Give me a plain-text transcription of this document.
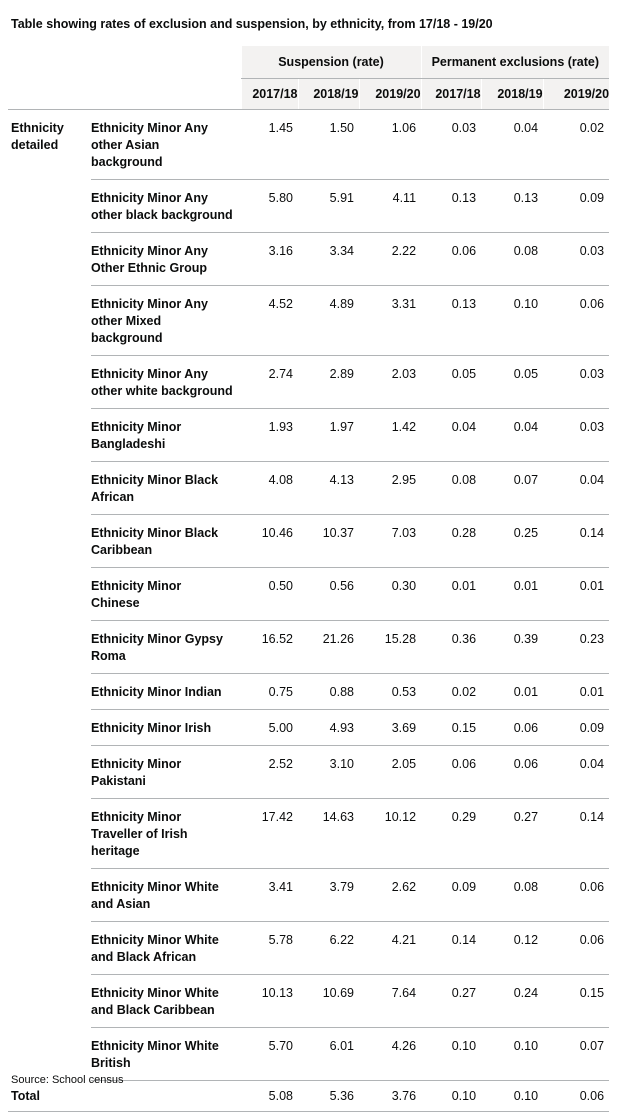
Table showing rates of exclusion and suspension, by ethnicity, from 17/18 - 19/20

		Suspension (rate)			Permanent exclusions (rate)		
		2017/18	2018/19	2019/20	2017/18	2018/19	2019/20
Ethnicity detailed	Ethnicity Minor Any other Asian background	1.45	1.50	1.06	0.03	0.04	0.02
	Ethnicity Minor Any other black background	5.80	5.91	4.11	0.13	0.13	0.09
	Ethnicity Minor Any Other Ethnic Group	3.16	3.34	2.22	0.06	0.08	0.03
	Ethnicity Minor Any other Mixed background	4.52	4.89	3.31	0.13	0.10	0.06
	Ethnicity Minor Any other white background	2.74	2.89	2.03	0.05	0.05	0.03
	Ethnicity Minor Bangladeshi	1.93	1.97	1.42	0.04	0.04	0.03
	Ethnicity Minor Black African	4.08	4.13	2.95	0.08	0.07	0.04
	Ethnicity Minor Black Caribbean	10.46	10.37	7.03	0.28	0.25	0.14
	Ethnicity Minor Chinese	0.50	0.56	0.30	0.01	0.01	0.01
	Ethnicity Minor Gypsy Roma	16.52	21.26	15.28	0.36	0.39	0.23
	Ethnicity Minor Indian	0.75	0.88	0.53	0.02	0.01	0.01
	Ethnicity Minor Irish	5.00	4.93	3.69	0.15	0.06	0.09
	Ethnicity Minor Pakistani	2.52	3.10	2.05	0.06	0.06	0.04
	Ethnicity Minor Traveller of Irish heritage	17.42	14.63	10.12	0.29	0.27	0.14
	Ethnicity Minor White and Asian	3.41	3.79	2.62	0.09	0.08	0.06
	Ethnicity Minor White and Black African	5.78	6.22	4.21	0.14	0.12	0.06
	Ethnicity Minor White and Black Caribbean	10.13	10.69	7.64	0.27	0.24	0.15
	Ethnicity Minor White British	5.70	6.01	4.26	0.10	0.10	0.07
Total		5.08	5.36	3.76	0.10	0.10	0.06

Source: School census
